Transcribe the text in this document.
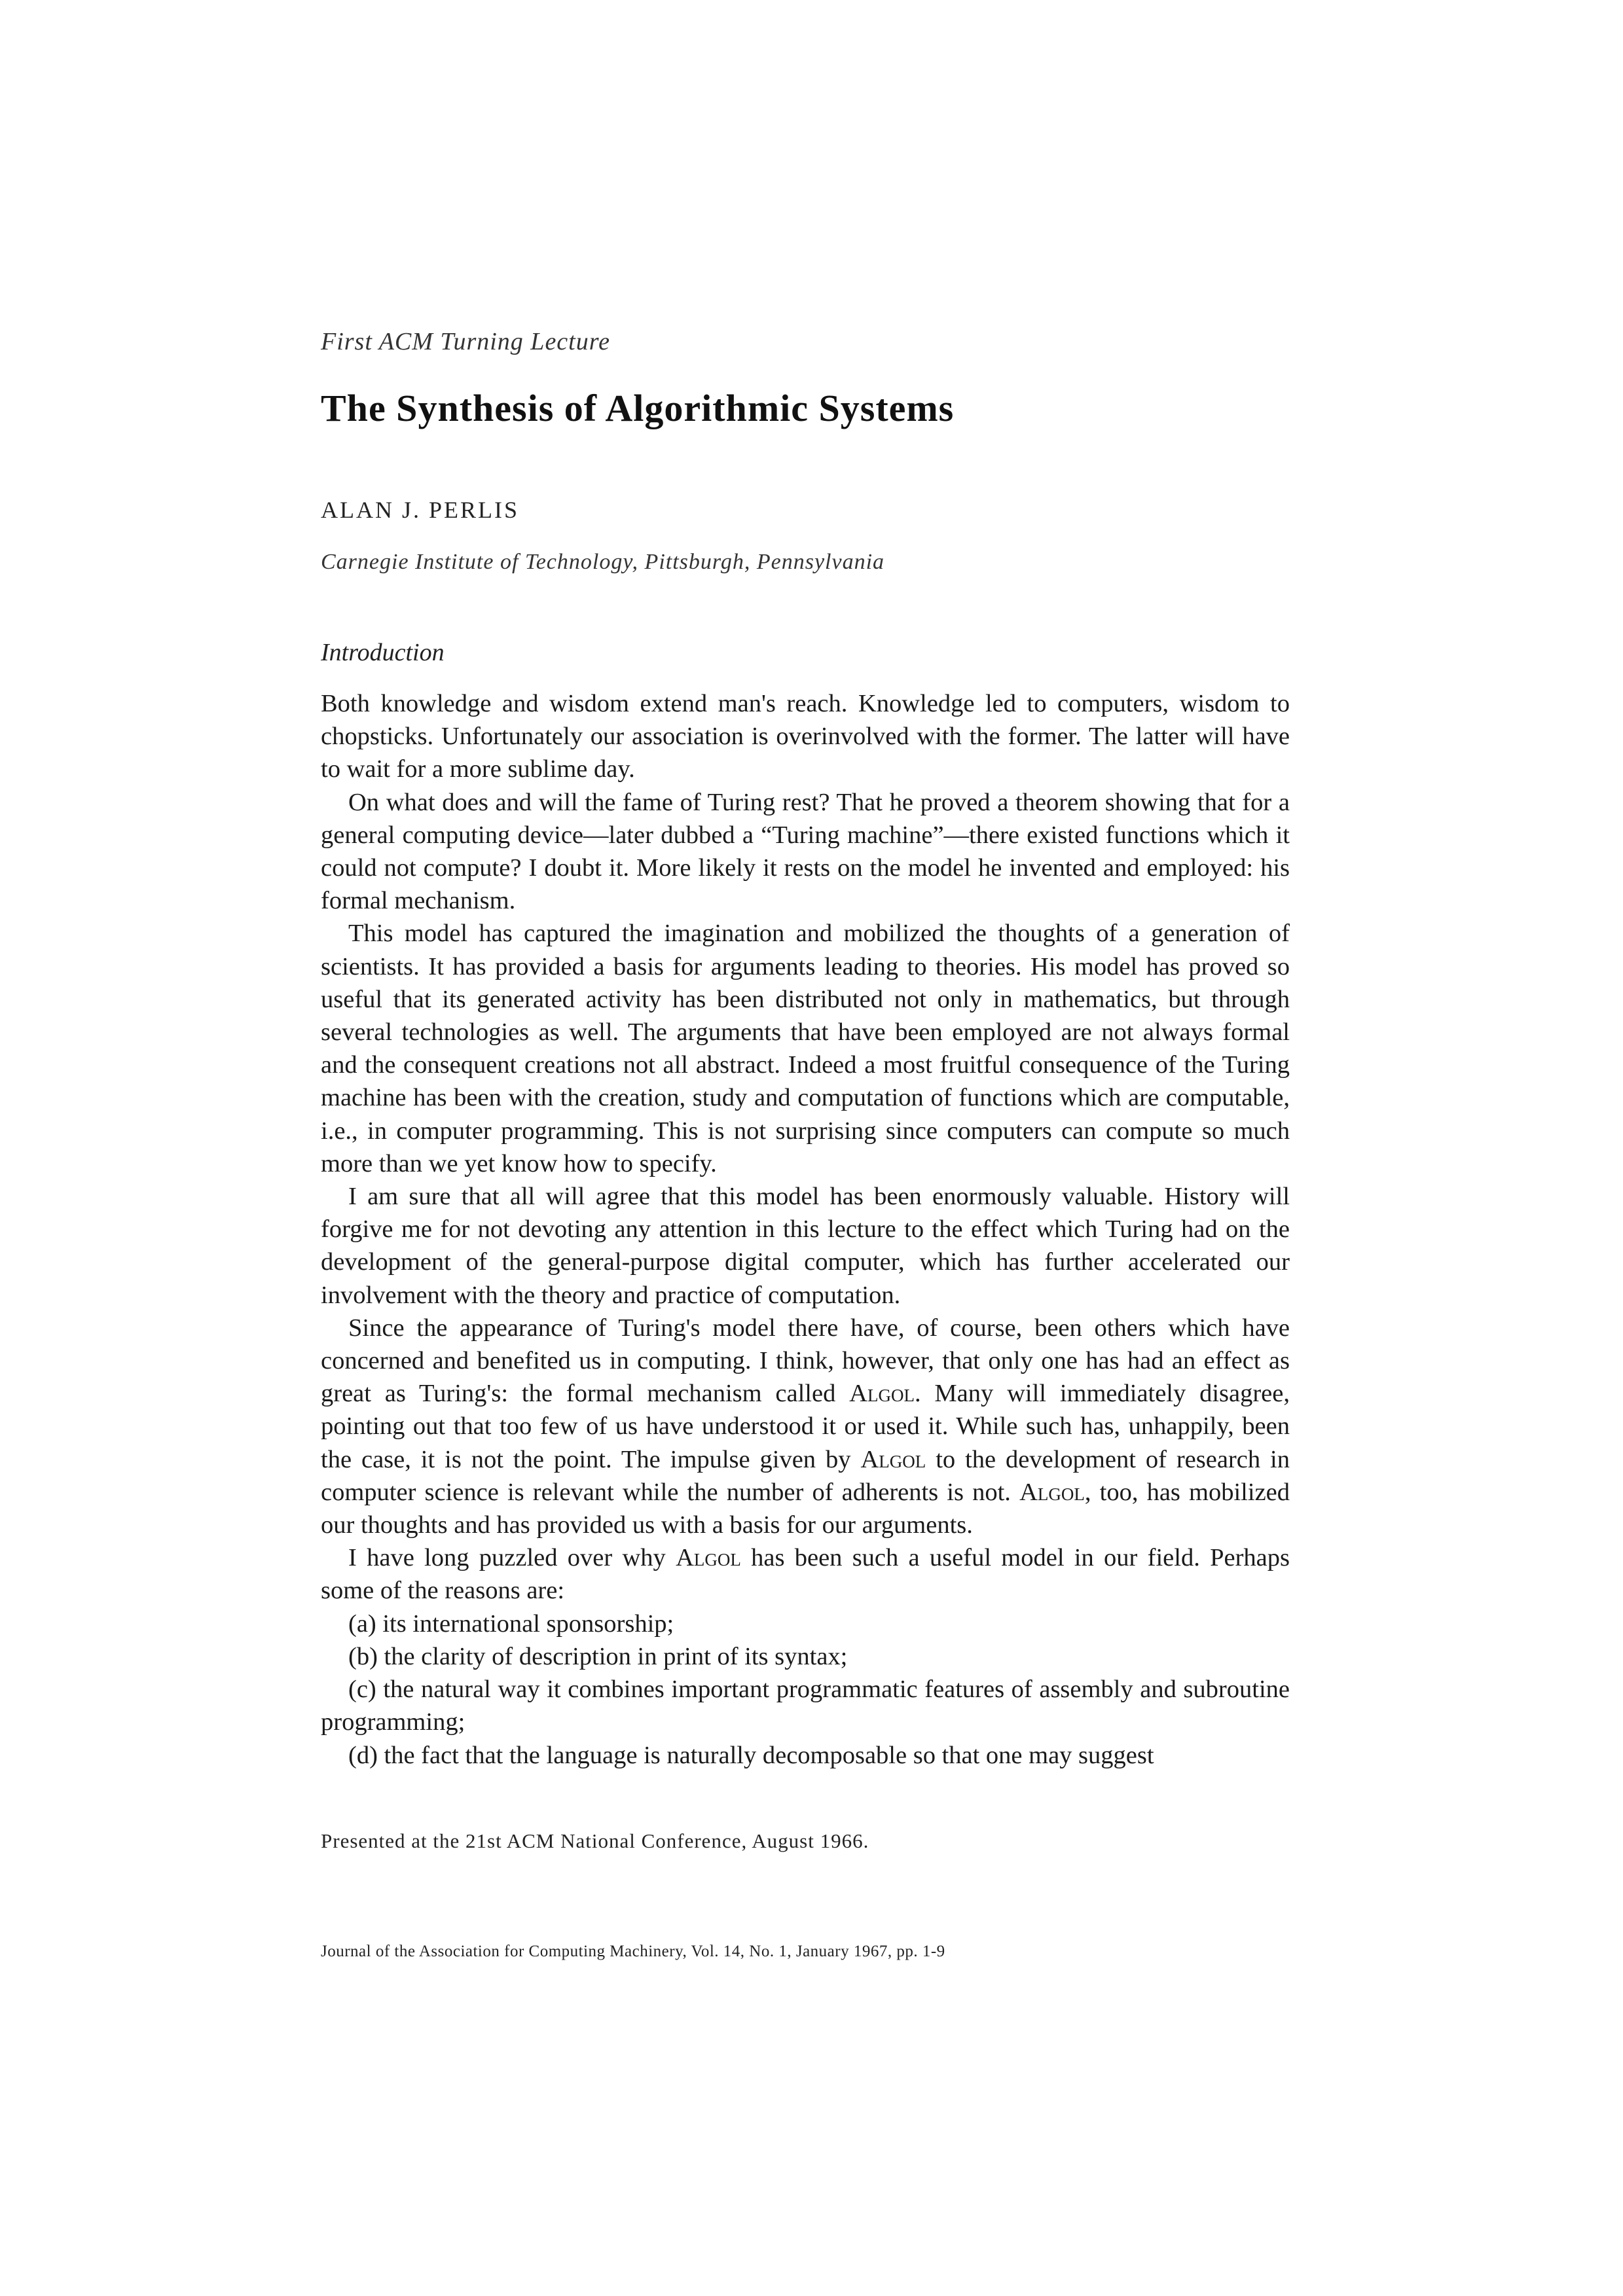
First ACM Turning Lecture
The Synthesis of Algorithmic Systems
ALAN J. PERLIS
Carnegie Institute of Technology, Pittsburgh, Pennsylvania
Introduction

Both knowledge and wisdom extend man's reach. Knowledge led to computers, wisdom to chopsticks. Unfortunately our association is overinvolved with the former. The latter will have to wait for a more sublime day.

On what does and will the fame of Turing rest? That he proved a theorem showing that for a general computing device—later dubbed a “Turing machine”—there existed functions which it could not compute? I doubt it. More likely it rests on the model he invented and employed: his formal mechanism.

This model has captured the imagination and mobilized the thoughts of a generation of scientists. It has provided a basis for arguments leading to theories. His model has proved so useful that its generated activity has been distributed not only in mathematics, but through several technologies as well. The arguments that have been employed are not always formal and the consequent creations not all abstract. Indeed a most fruitful consequence of the Turing machine has been with the creation, study and computation of functions which are computable, i.e., in computer programming. This is not surprising since computers can compute so much more than we yet know how to specify.

I am sure that all will agree that this model has been enormously valuable. History will forgive me for not devoting any attention in this lecture to the effect which Turing had on the development of the general-purpose digital computer, which has further accelerated our involvement with the theory and practice of computation.

Since the appearance of Turing's model there have, of course, been others which have concerned and benefited us in computing. I think, however, that only one has had an effect as great as Turing's: the formal mechanism called Algol. Many will immediately disagree, pointing out that too few of us have understood it or used it. While such has, unhappily, been the case, it is not the point. The impulse given by Algol to the development of research in computer science is relevant while the number of adherents is not. Algol, too, has mobilized our thoughts and has provided us with a basis for our arguments.

I have long puzzled over why Algol has been such a useful model in our field. Perhaps some of the reasons are:

(a) its international sponsorship;

(b) the clarity of description in print of its syntax;

(c) the natural way it combines important programmatic features of assembly and subroutine programming;

(d) the fact that the language is naturally decomposable so that one may suggest

Presented at the 21st ACM National Conference, August 1966.
Journal of the Association for Computing Machinery, Vol. 14, No. 1, January 1967, pp. 1-9
